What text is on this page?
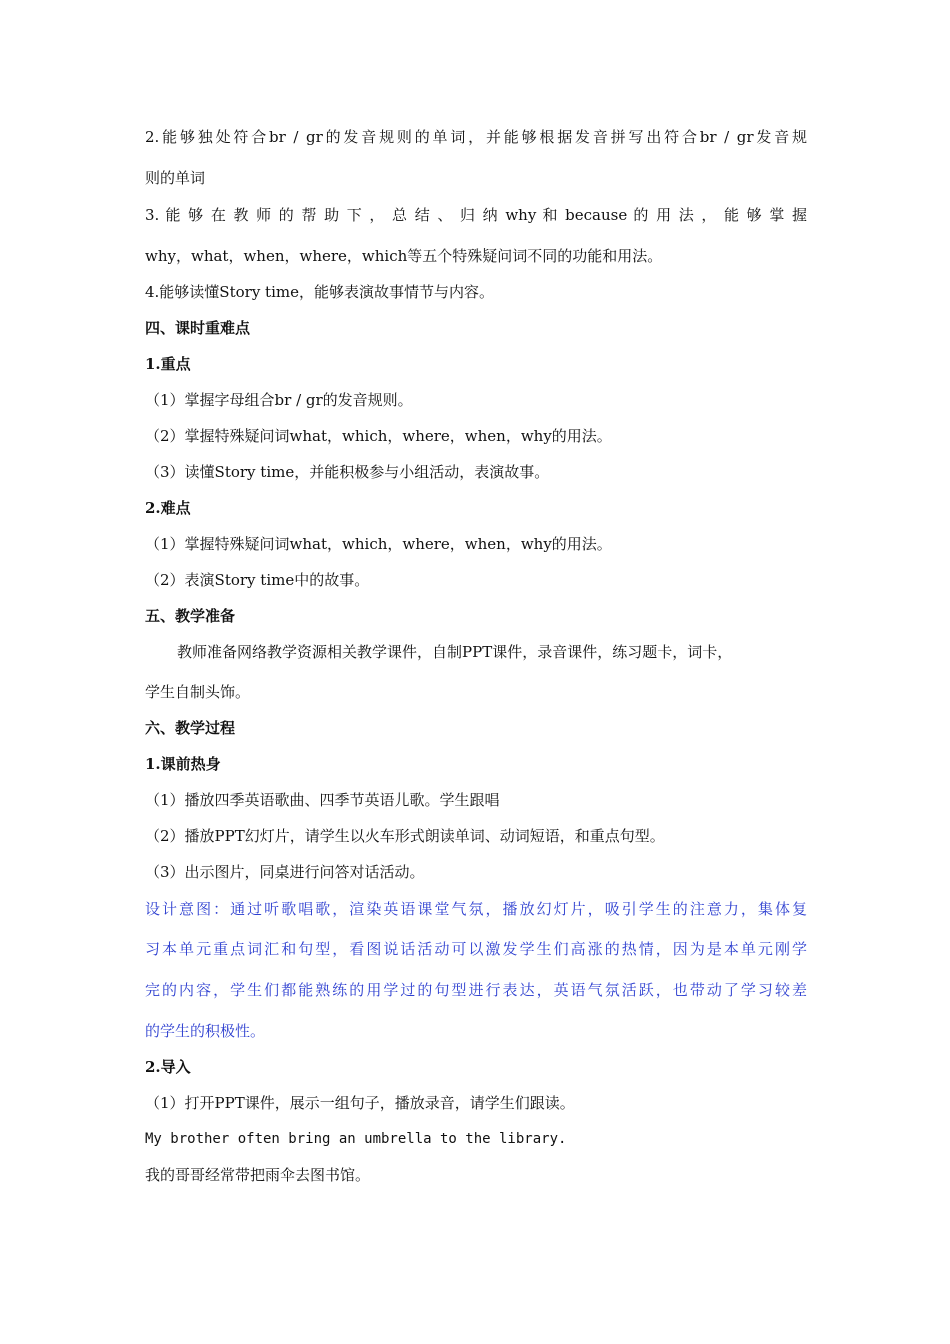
2.能够独处符合br / gr的发音规则的单词，并能够根据发音拼写出符合br / gr发音规
则的单词
3. 能 够 在 教 师 的 帮 助 下 ， 总 结 、 归 纳 why 和 because 的 用 法 ， 能 够 掌 握
why，what，when，where，which等五个特殊疑问词不同的功能和用法。
4.能够读懂Story time，能够表演故事情节与内容。
四、课时重难点
1.重点
（1）掌握字母组合br / gr的发音规则。
（2）掌握特殊疑问词what，which，where，when，why的用法。
（3）读懂Story time，并能积极参与小组活动，表演故事。
2.难点
（1）掌握特殊疑问词what，which，where，when，why的用法。
（2）表演Story time中的故事。
五、教学准备
教师准备网络教学资源相关教学课件，自制PPT课件，录音课件，练习题卡，词卡，
学生自制头饰。
六、教学过程
1.课前热身
（1）播放四季英语歌曲、四季节英语儿歌。学生跟唱
（2）播放PPT幻灯片，请学生以火车形式朗读单词、动词短语，和重点句型。
（3）出示图片，同桌进行问答对话活动。
设计意图：通过听歌唱歌，渲染英语课堂气氛，播放幻灯片，吸引学生的注意力，集体复
习本单元重点词汇和句型，看图说话活动可以激发学生们高涨的热情，因为是本单元刚学
完的内容，学生们都能熟练的用学过的句型进行表达，英语气氛活跃，也带动了学习较差
的学生的积极性。
2.导入
（1）打开PPT课件，展示一组句子，播放录音，请学生们跟读。
My brother often bring an umbrella to the library.
我的哥哥经常带把雨伞去图书馆。
